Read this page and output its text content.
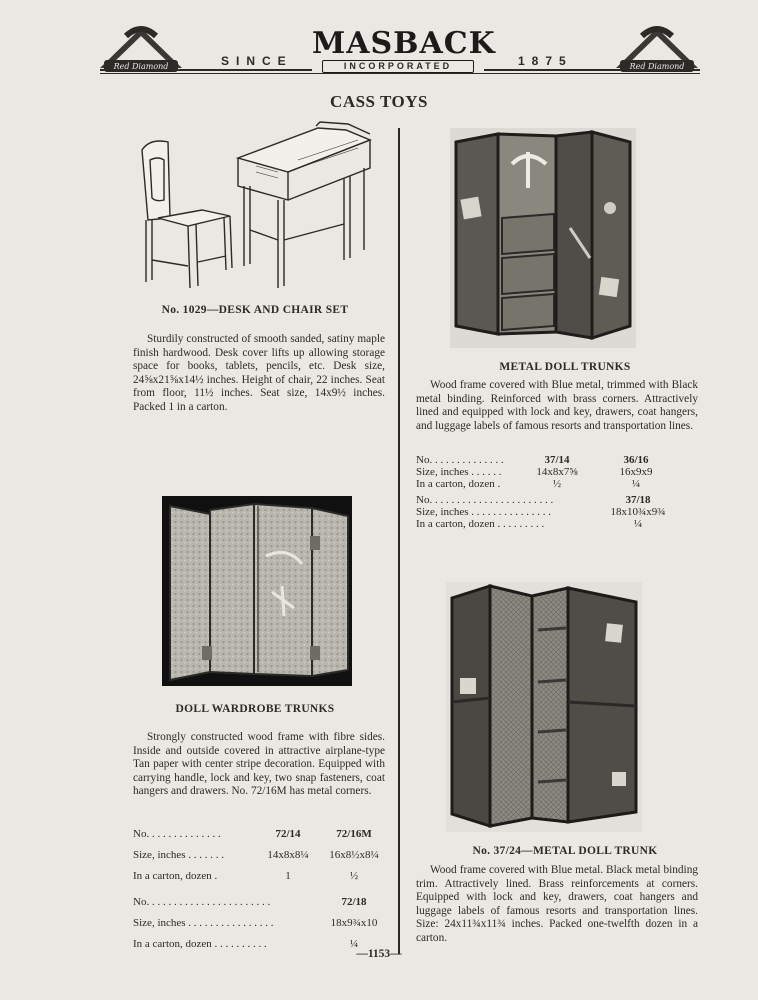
Red Diamond	Red Diamond
SINCE	1875
MASBACK
INCORPORATED
CASS TOYS
No. 1029—DESK AND CHAIR SET
Sturdily constructed of smooth sanded, satiny maple finish hardwood. Desk cover lifts up allowing storage space for books, tablets, pencils, etc. Desk size, 24⅝x21⅝x14½ inches. Height of chair, 22 inches. Seat from floor, 11½ inches. Seat size, 14x9½ inches. Packed 1 in a carton.
DOLL WARDROBE TRUNKS
Strongly constructed wood frame with fibre sides. Inside and outside covered in attractive airplane-type Tan paper with center stripe decoration. Equipped with carrying handle, lock and key, two snap fasteners, coat hangers and drawers. No. 72/16M has metal corners.
No. . . . . . . . . . . . . .	72/14	72/16M
Size, inches . . . . . . .	14x8x8¼	16x8½x8¼
In a carton, dozen .	1	½
No. . . . . . . . . . . . . . . . . . . . . . .	72/18
Size, inches . . . . . . . . . . . . . . . .	18x9¾x10
In a carton, dozen . . . . . . . . . .	¼
METAL DOLL TRUNKS
Wood frame covered with Blue metal, trimmed with Black metal binding. Reinforced with brass corners. Attractively lined and equipped with lock and key, drawers, coat hangers, and luggage labels of famous resorts and transportation lines.
No. . . . . . . . . . . . . .	37/14	36/16
Size, inches . . . . . .	14x8x7⅝	16x9x9
In a carton, dozen .	½	¼
No. . . . . . . . . . . . . . . . . . . . . . .	37/18
Size, inches . . . . . . . . . . . . . . .	18x10¾x9¾
In a carton, dozen . . . . . . . . .	¼
No. 37/24—METAL DOLL TRUNK
Wood frame covered with Blue metal. Black metal binding trim. Attractively lined. Brass reinforcements at corners. Equipped with lock and key, drawers, coat hangers and luggage labels of famous resorts and transportation lines. Size: 24x11¾x11¾ inches. Packed one-twelfth dozen in a carton.
—1153—
